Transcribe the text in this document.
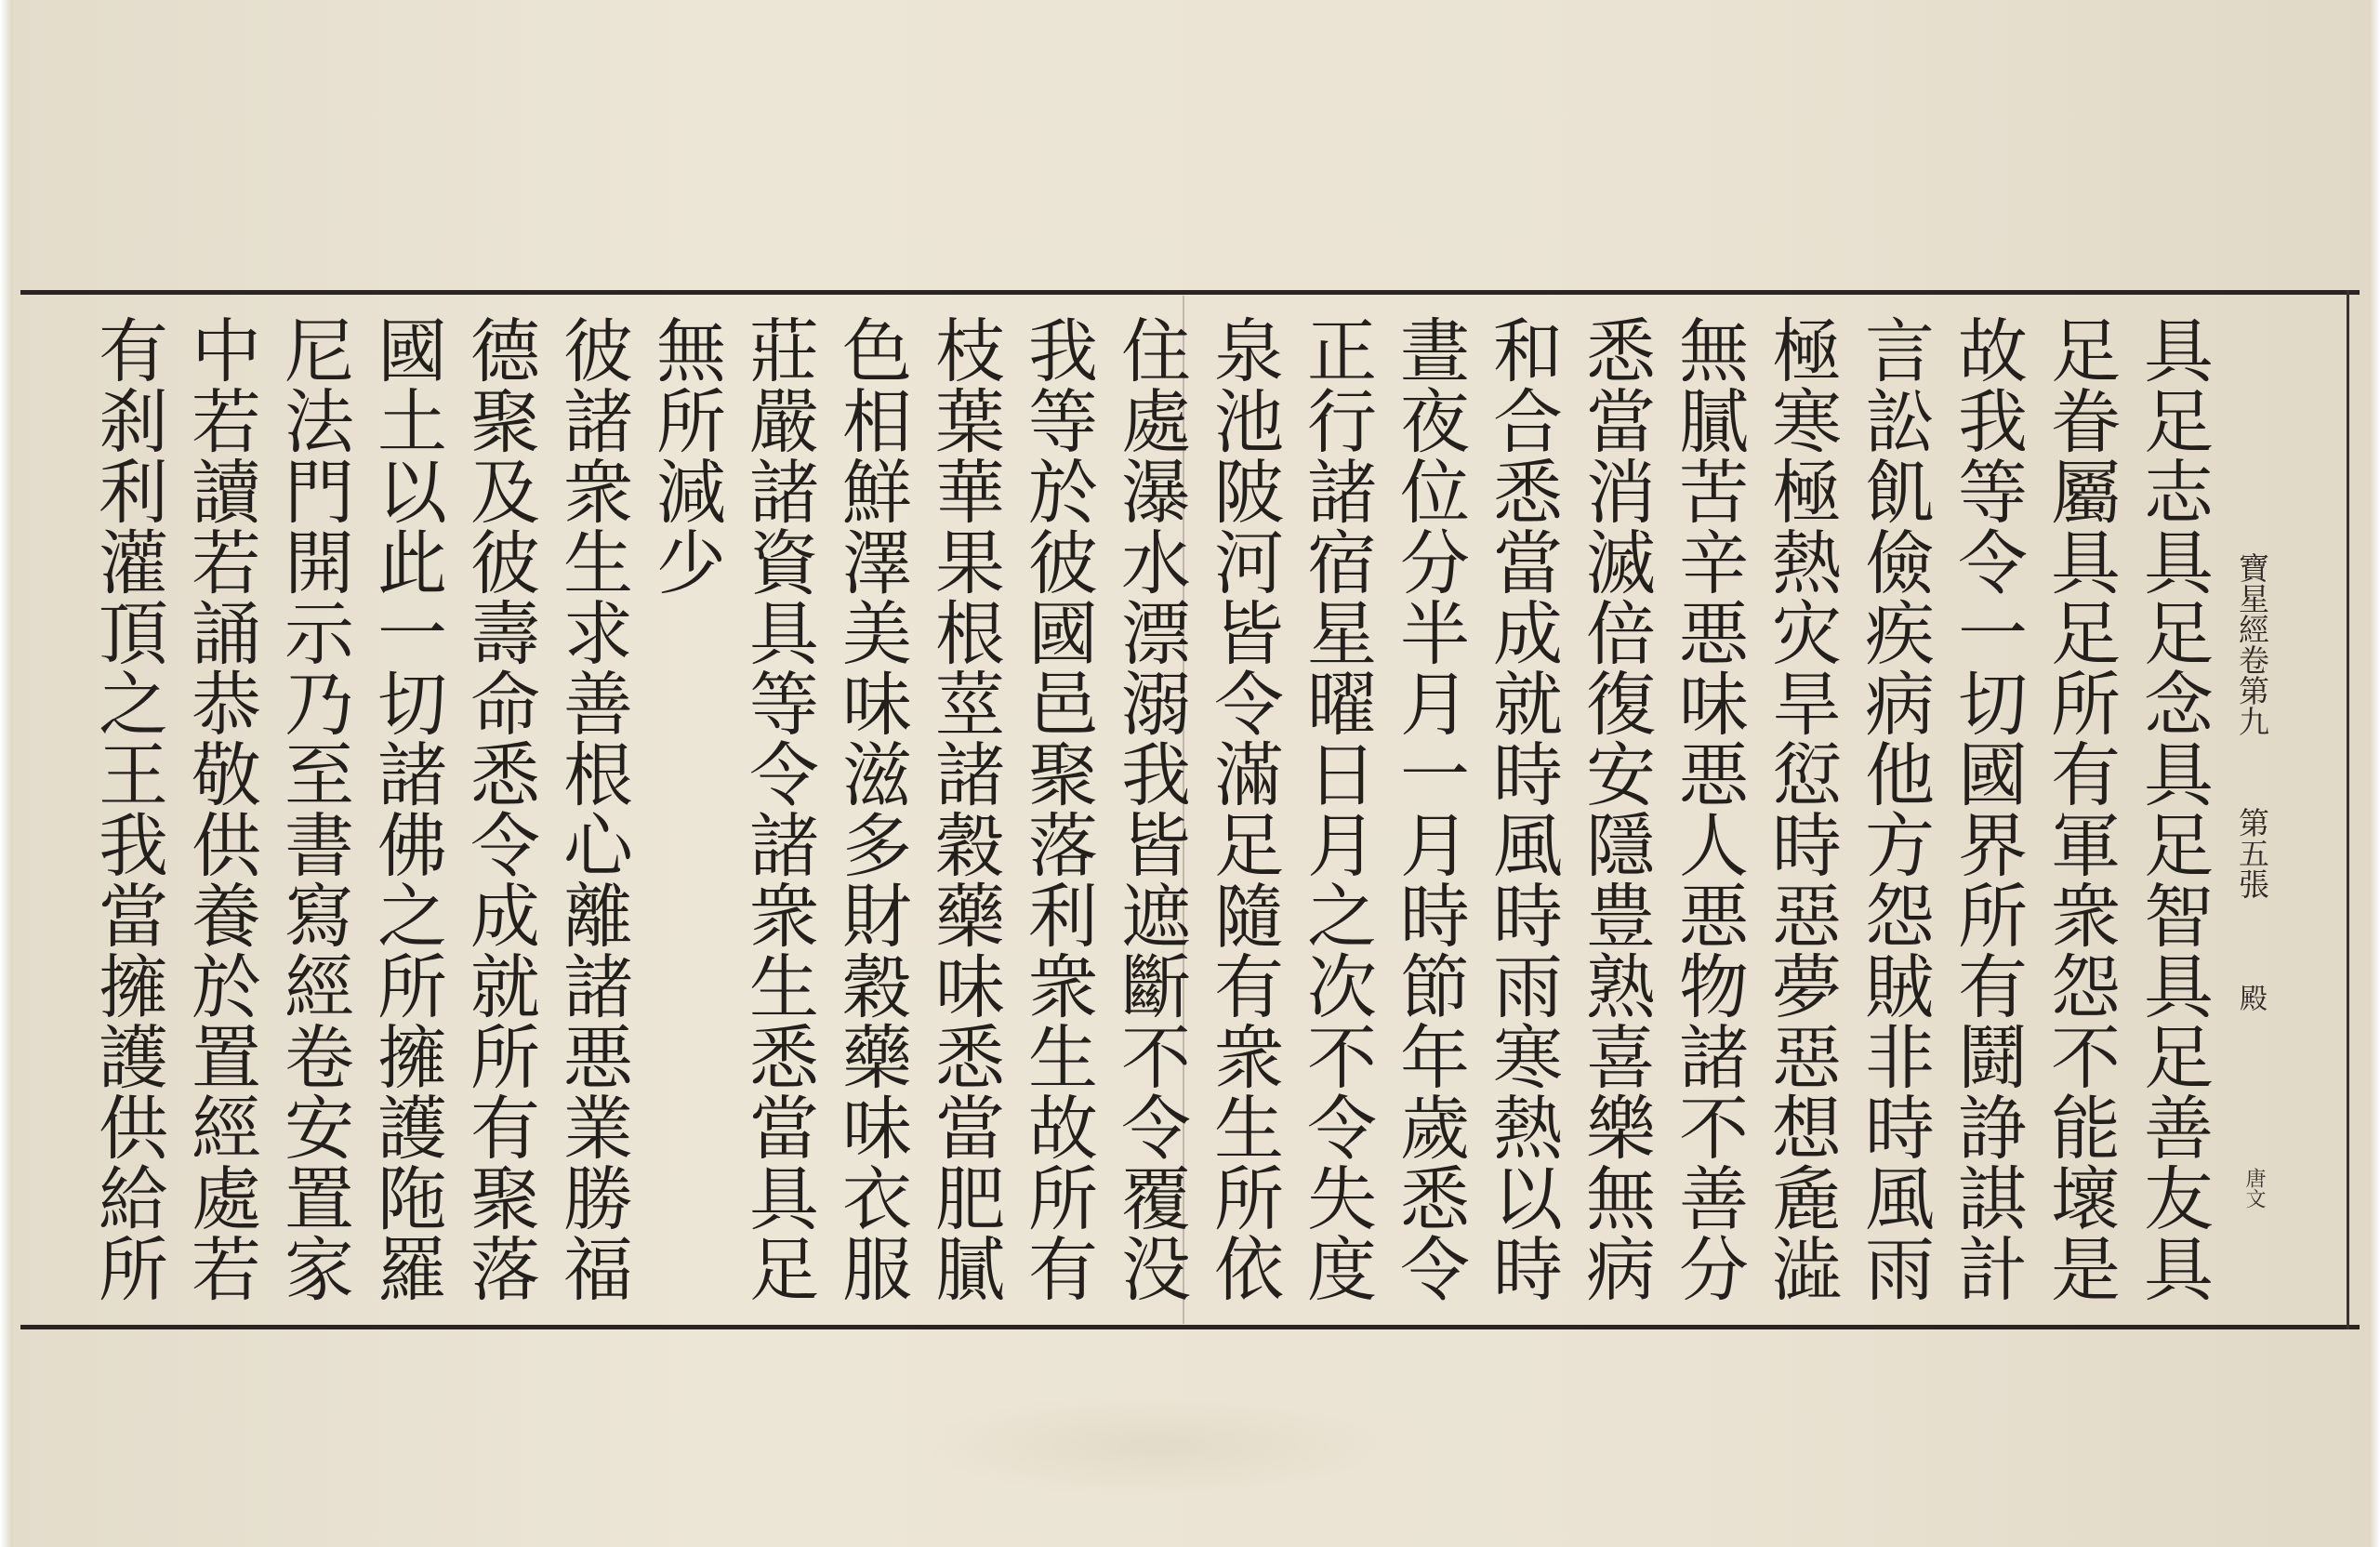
寶星經卷第九
第五張
殿
唐文
具足志具足念具足智具足善友具
足眷屬具足所有軍衆怨不能壞是
故我等令一切國界所有鬪諍諆計
言訟飢儉疾病他方怨賊非時風雨
極寒極熱灾旱愆時惡夢惡想麁澁
無膩苦辛悪味悪人悪物諸不善分
悉當消滅倍復安隱豊熟喜樂無病
和合悉當成就時風時雨寒熱以時
晝夜位分半月一月時節年歲悉令
正行諸宿星曜日月之次不令失度
泉池陂河皆令滿足隨有衆生所依
住處瀑水漂溺我皆遮斷不令覆没
我等於彼國邑聚落利衆生故所有
枝葉華果根莖諸穀藥味悉當肥膩
色相鮮澤美味滋多財穀藥味衣服
莊嚴諸資具等令諸衆生悉當具足
無所減少
彼諸衆生求善根心離諸悪業勝福
德聚及彼壽命悉令成就所有聚落
國土以此一切諸佛之所擁護陁羅
尼法門開示乃至書寫經卷安置家
中若讀若誦恭敬供養於置經處若
有刹利灌頂之王我當擁護供給所
